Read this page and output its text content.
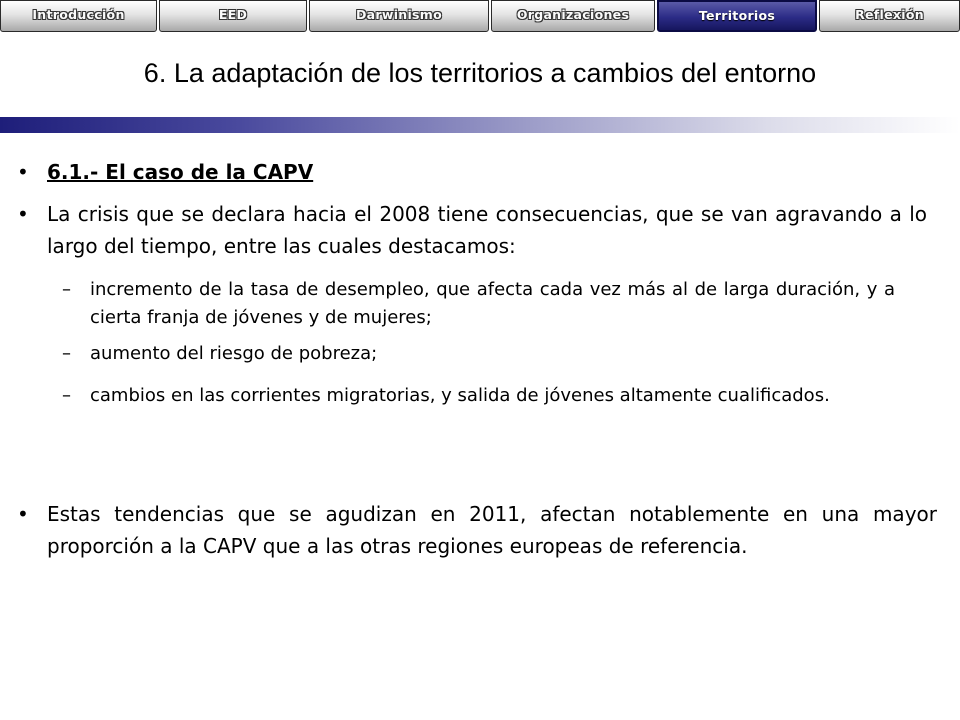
Introducción	EED	Darwinismo	Organizaciones	Territorios	Reflexión
6. La adaptación de los territorios a cambios del entorno
• 6.1.- El caso de la CAPV
• La crisis que se declara hacia el 2008 tiene consecuencias, que se van agravando a lo largo del tiempo, entre las cuales destacamos:
– incremento de la tasa de desempleo, que afecta cada vez más al de larga duración, y a cierta franja de jóvenes y de mujeres;
– aumento del riesgo de pobreza;
– cambios en las corrientes migratorias, y salida de jóvenes altamente cualificados.
• Estas tendencias que se agudizan en 2011, afectan notablemente en una mayor proporción a la CAPV que a las otras regiones europeas de referencia.
